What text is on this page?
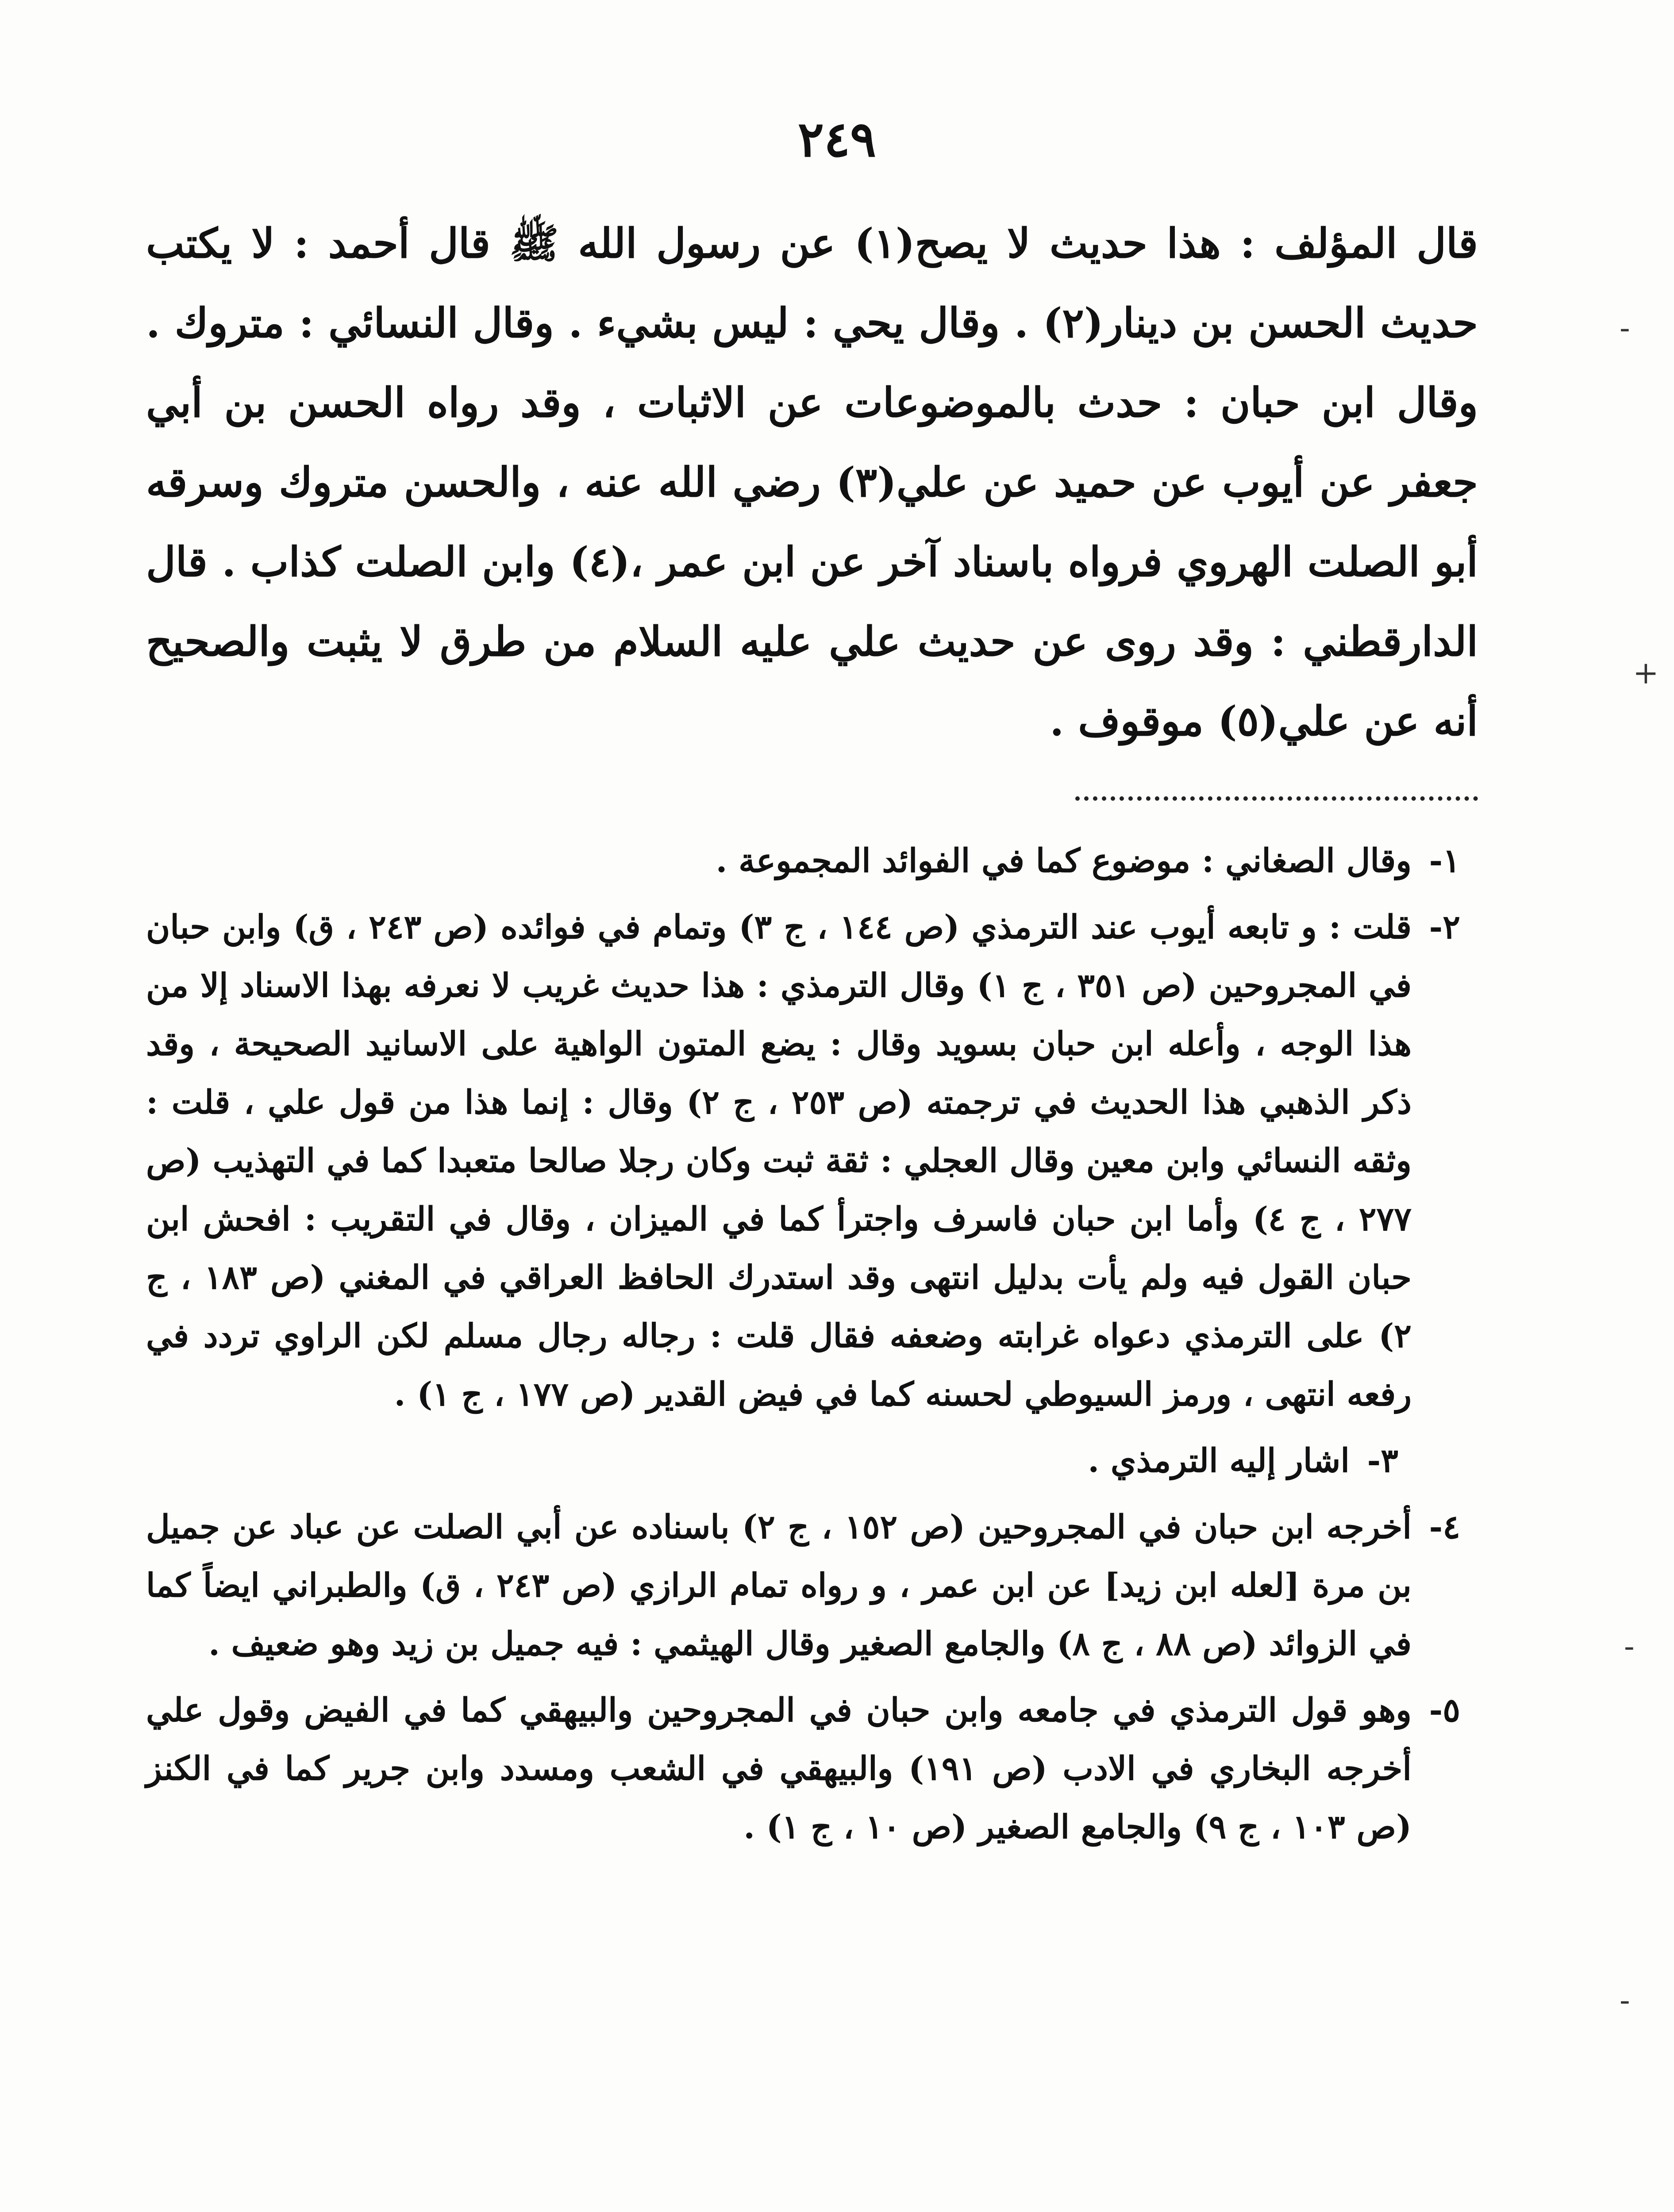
٢٤٩

قال المؤلف : هذا حديث لا يصح(١) عن رسول الله ﷺ قال أحمد : لا يكتب حديث الحسن بن دينار(٢) . وقال يحي : ليس بشيء . وقال النسائي : متروك . وقال ابن حبان : حدث بالموضوعات عن الاثبات ، وقد رواه الحسن بن أبي جعفر عن أيوب عن حميد عن علي(٣) رضي الله عنه ، والحسن متروك وسرقه أبو الصلت الهروي فرواه باسناد آخر عن ابن عمر ،(٤) وابن الصلت كذاب . قال الدارقطني : وقد روى عن حديث علي عليه السلام من طرق لا يثبت والصحيح أنه عن علي(٥) موقوف .

١-
وقال الصغاني : موضوع كما في الفوائد المجموعة .
٢-
قلت : و تابعه أيوب عند الترمذي (ص ١٤٤ ، ج ٣) وتمام في فوائده (ص ٢٤٣ ، ق) وابن حبان في المجروحين (ص ٣٥١ ، ج ١) وقال الترمذي : هذا حديث غريب لا نعرفه بهذا الاسناد إلا من هذا الوجه ، وأعله ابن حبان بسويد وقال : يضع المتون الواهية على الاسانيد الصحيحة ، وقد ذكر الذهبي هذا الحديث في ترجمته (ص ٢٥٣ ، ج ٢) وقال : إنما هذا من قول علي ، قلت : وثقه النسائي وابن معين وقال العجلي : ثقة ثبت وكان رجلا صالحا متعبدا كما في التهذيب (ص ٢٧٧ ، ج ٤) وأما ابن حبان فاسرف واجترأ كما في الميزان ، وقال في التقريب : افحش ابن حبان القول فيه ولم يأت بدليل انتهى وقد استدرك الحافظ العراقي في المغني (ص ١٨٣ ، ج ٢) على الترمذي دعواه غرابته وضعفه فقال قلت : رجاله رجال مسلم لكن الراوي تردد في رفعه انتهى ، ورمز السيوطي لحسنه كما في فيض القدير (ص ١٧٧ ، ج ١) .
٣-
اشار إليه الترمذي .
٤-
أخرجه ابن حبان في المجروحين (ص ١٥٢ ، ج ٢) باسناده عن أبي الصلت عن عباد عن جميل بن مرة [لعله ابن زيد] عن ابن عمر ، و رواه تمام الرازي (ص ٢٤٣ ، ق) والطبراني ايضاً كما في الزوائد (ص ٨٨ ، ج ٨) والجامع الصغير وقال الهيثمي : فيه جميل بن زيد وهو ضعيف .
٥-
وهو قول الترمذي في جامعه وابن حبان في المجروحين والبيهقي كما في الفيض وقول علي أخرجه البخاري في الادب (ص ١٩١) والبيهقي في الشعب ومسدد وابن جرير كما في الكنز (ص ١٠٣ ، ج ٩) والجامع الصغير (ص ١٠ ، ج ١) .
-
+
-
-
